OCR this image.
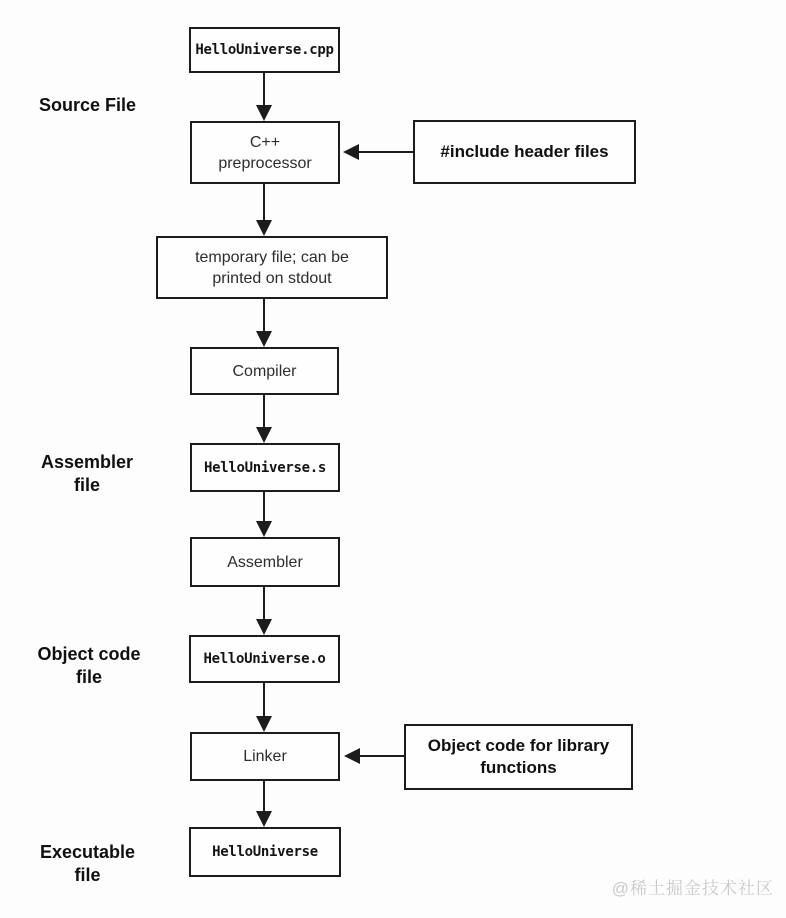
Source File
Assembler file
Object code file
Executable file
HelloUniverse.cpp
C++ preprocessor
#include header files
temporary file; can be printed on stdout
Compiler
HelloUniverse.s
Assembler
HelloUniverse.o
Linker
Object code for library functions
HelloUniverse
@稀土掘金技术社区
